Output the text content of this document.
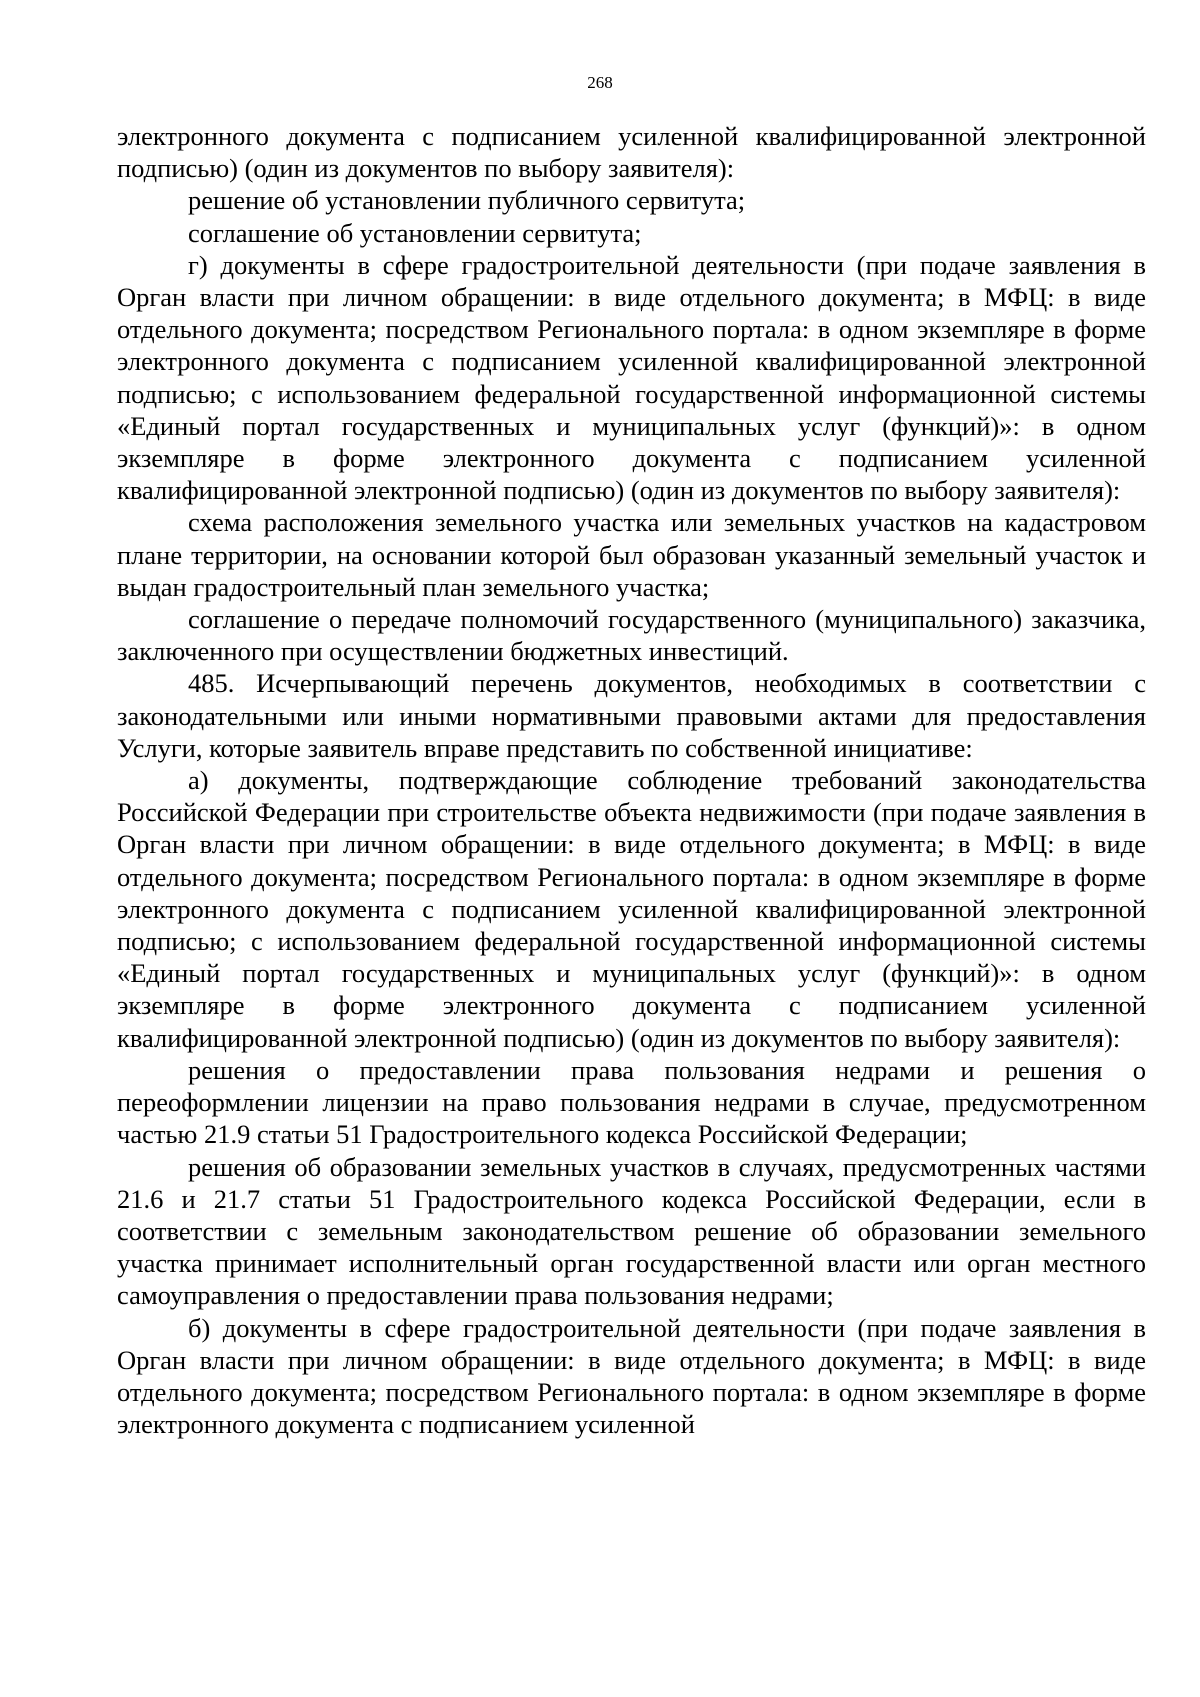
268

электронного документа с подписанием усиленной квалифицированной электронной подписью) (один из документов по выбору заявителя):

решение об установлении публичного сервитута;

соглашение об установлении сервитута;

г) документы в сфере градостроительной деятельности (при подаче заявления в Орган власти при личном обращении: в виде отдельного документа; в МФЦ: в виде отдельного документа; посредством Регионального портала: в одном экземпляре в форме электронного документа с подписанием усиленной квалифицированной электронной подписью; с использованием федеральной государственной информационной системы «Единый портал государственных и муниципальных услуг (функций)»: в одном экземпляре в форме электронного документа с подписанием усиленной квалифицированной электронной подписью) (один из документов по выбору заявителя):

схема расположения земельного участка или земельных участков на кадастровом плане территории, на основании которой был образован указанный земельный участок и выдан градостроительный план земельного участка;

соглашение о передаче полномочий государственного (муниципального) заказчика, заключенного при осуществлении бюджетных инвестиций.

485. Исчерпывающий перечень документов, необходимых в соответствии с законодательными или иными нормативными правовыми актами для предоставления Услуги, которые заявитель вправе представить по собственной инициативе:

а) документы, подтверждающие соблюдение требований законодательства Российской Федерации при строительстве объекта недвижимости (при подаче заявления в Орган власти при личном обращении: в виде отдельного документа; в МФЦ: в виде отдельного документа; посредством Регионального портала: в одном экземпляре в форме электронного документа с подписанием усиленной квалифицированной электронной подписью; с использованием федеральной государственной информационной системы «Единый портал государственных и муниципальных услуг (функций)»: в одном экземпляре в форме электронного документа с подписанием усиленной квалифицированной электронной подписью) (один из документов по выбору заявителя):

решения о предоставлении права пользования недрами и решения о переоформлении лицензии на право пользования недрами в случае, предусмотренном частью 21.9 статьи 51 Градостроительного кодекса Российской Федерации;

решения об образовании земельных участков в случаях, предусмотренных частями 21.6 и 21.7 статьи 51 Градостроительного кодекса Российской Федерации, если в соответствии с земельным законодательством решение об образовании земельного участка принимает исполнительный орган государственной власти или орган местного самоуправления о предоставлении права пользования недрами;

б) документы в сфере градостроительной деятельности (при подаче заявления в Орган власти при личном обращении: в виде отдельного документа; в МФЦ: в виде отдельного документа; посредством Регионального портала: в одном экземпляре в форме электронного документа с подписанием усиленной
